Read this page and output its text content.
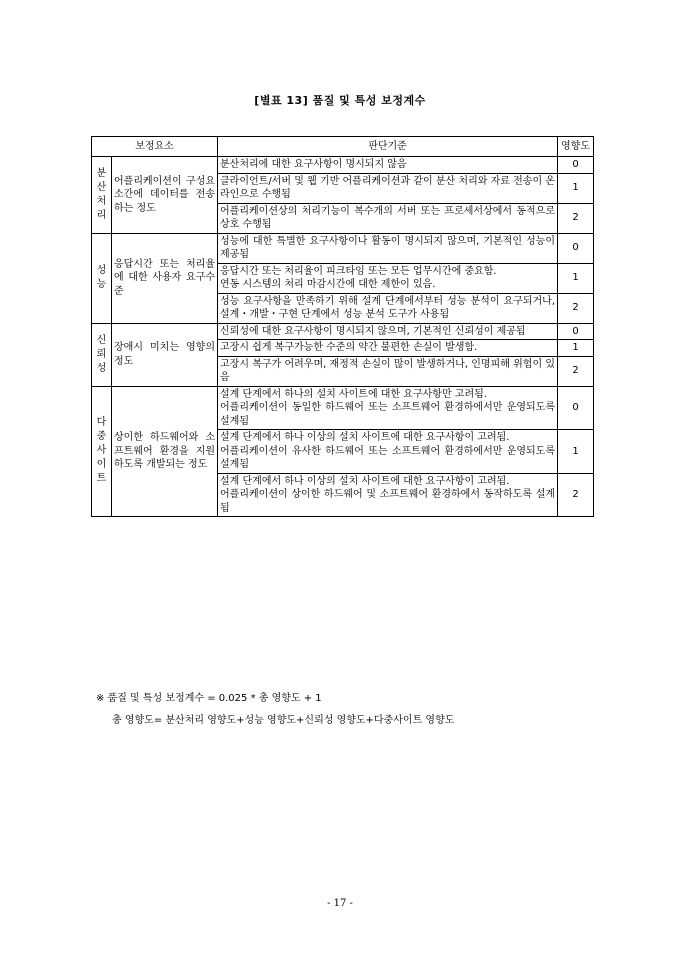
[별표 13] 품질 및 특성 보정계수
보정요소		판단기준	영향도

분
산
처
리	어플리케이션이 구성요소간에 데이터를 전송하는 정도	분산처리에 대한 요구사항이 명시되지 않음	0

		클라이언트/서버 및 웹 기반 어플리케이션과 같이 분산 처리와 자료 전송이 온라인으로 수행됨	1

		어플리케이션상의 처리기능이 복수개의 서버 또는 프로세서상에서 동적으로 상호 수행됨	2

성
능	응답시간 또는 처리율에 대한 사용자 요구수준	성능에 대한 특별한 요구사항이나 활동이 명시되지 않으며, 기본적인 성능이 제공됨	0

		응답시간 또는 처리율이 피크타임 또는 모든 업무시간에 중요함.
연동 시스템의 처리 마감시간에 대한 제한이 있음.	1

		성능 요구사항을 만족하기 위해 설계 단계에서부터 성능 분석이 요구되거나, 설계・개발・구현 단계에서 성능 분석 도구가 사용됨	2

신
뢰
성	장애시 미치는 영향의 정도	신뢰성에 대한 요구사항이 명시되지 않으며, 기본적인 신뢰성이 제공됨	0

		고장시 쉽게 복구가능한 수준의 약간 불편한 손실이 발생함.	1

		고장시 복구가 어려우며, 재정적 손실이 많이 발생하거나, 인명피해 위험이 있음	2

다
중
사
이
트	상이한 하드웨어와 소프트웨어 환경을 지원하도록 개발되는 정도	설계 단계에서 하나의 설치 사이트에 대한 요구사항만 고려됨.
어플리케이션이 동일한 하드웨어 또는 소프트웨어 환경하에서만 운영되도록 설계됨	0

		설계 단계에서 하나 이상의 설치 사이트에 대한 요구사항이 고려됨.
어플리케이션이 유사한 하드웨어 또는 소프트웨어 환경하에서만 운영되도록 설계됨	1

		설계 단계에서 하나 이상의 설치 사이트에 대한 요구사항이 고려됨.
어플리케이션이 상이한 하드웨어 및 소프트웨어 환경하에서 동작하도록 설계됨	2
※ 품질 및 특성 보정계수 = 0.025 * 총 영향도 + 1
총 영향도= 분산처리 영향도+성능 영향도+신뢰성 영향도+다중사이트 영향도
- 17 -
